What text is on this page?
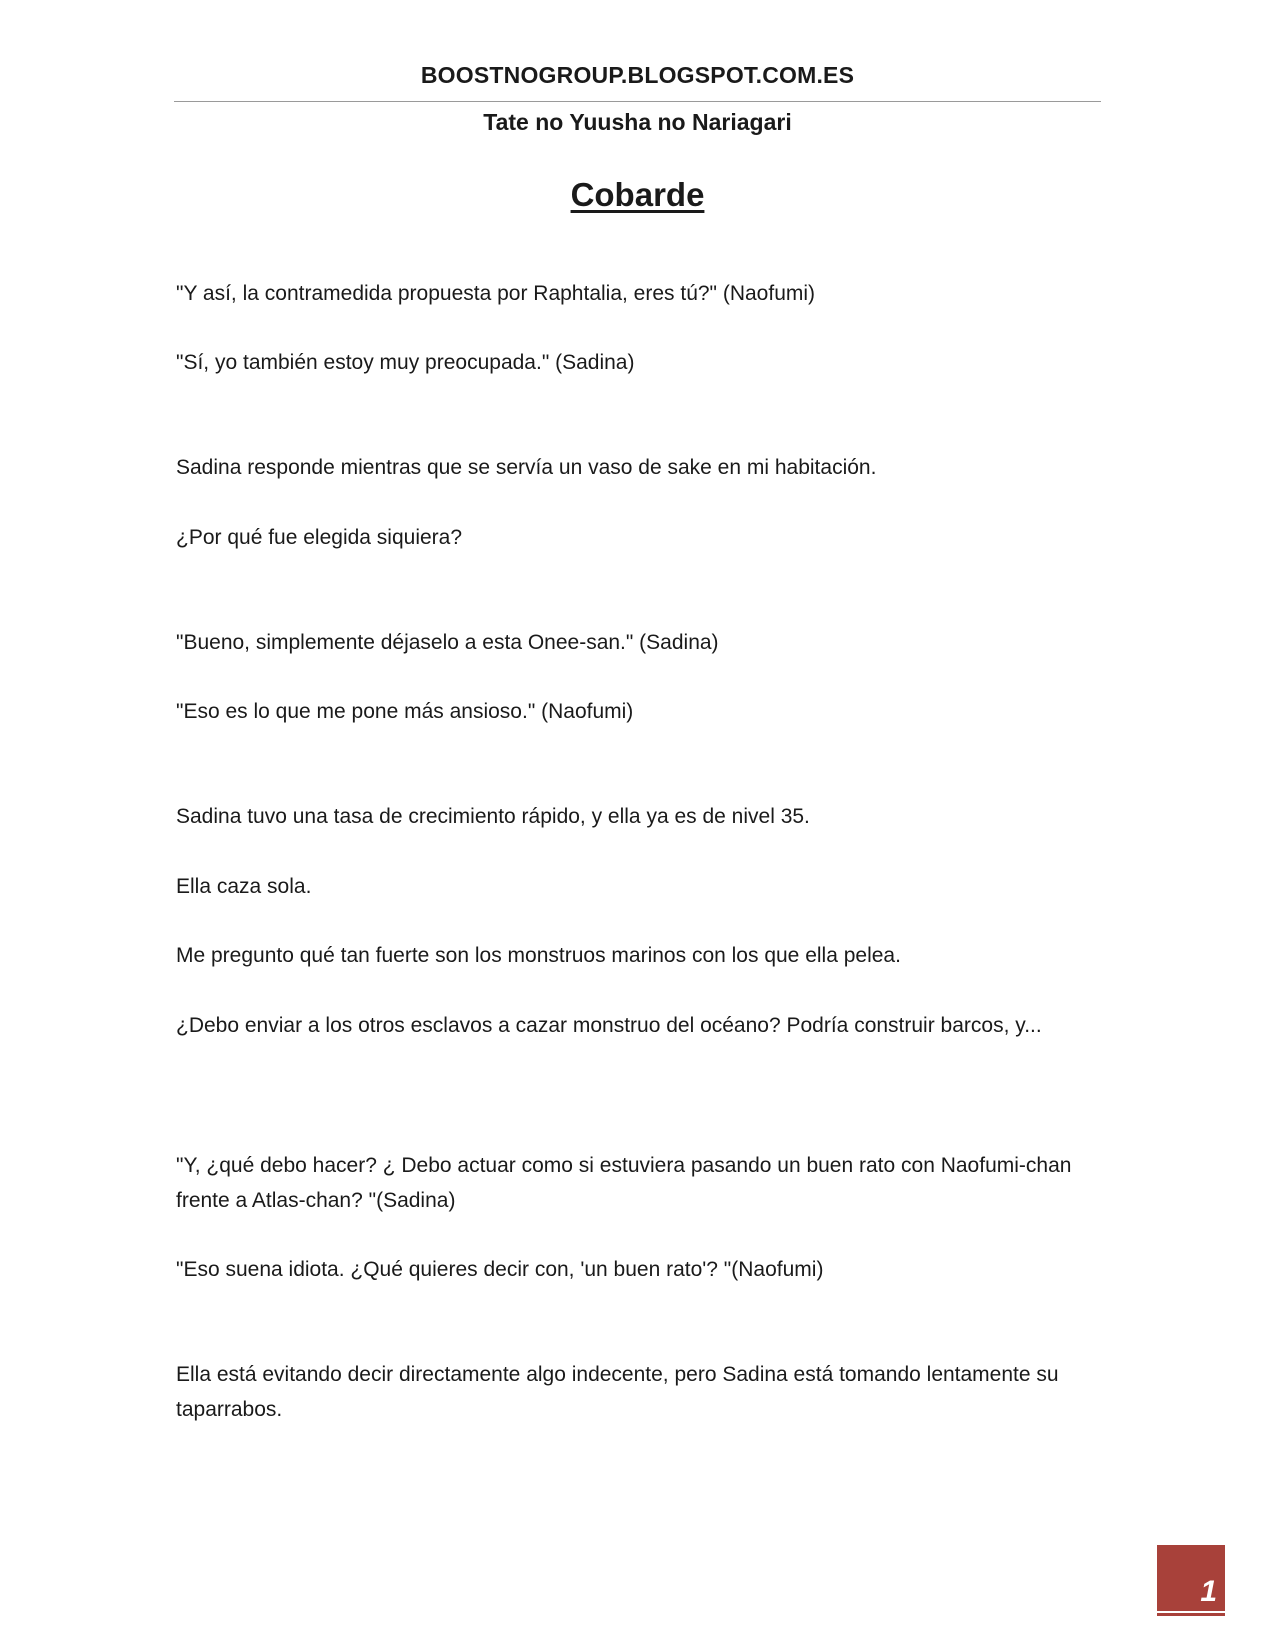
BOOSTNOGROUP.BLOGSPOT.COM.ES
Tate no Yuusha no Nariagari
Cobarde

"Y así, la contramedida propuesta por Raphtalia, eres tú?" (Naofumi)

"Sí, yo también estoy muy preocupada." (Sadina)

Sadina responde mientras que se servía un vaso de sake en mi habitación.

¿Por qué fue elegida siquiera?

"Bueno, simplemente déjaselo a esta Onee-san." (Sadina)

"Eso es lo que me pone más ansioso." (Naofumi)

Sadina tuvo una tasa de crecimiento rápido, y ella ya es de nivel 35.

Ella caza sola.

Me pregunto qué tan fuerte son los monstruos marinos con los que ella pelea.

¿Debo enviar a los otros esclavos a cazar monstruo del océano? Podría construir barcos, y...

"Y, ¿qué debo hacer? ¿ Debo actuar como si estuviera pasando un buen rato con Naofumi-chan frente a Atlas-chan? "(Sadina)

"Eso suena idiota. ¿Qué quieres decir con, 'un buen rato'? "(Naofumi)

Ella está evitando decir directamente algo indecente, pero Sadina está tomando lentamente su taparrabos.

1
